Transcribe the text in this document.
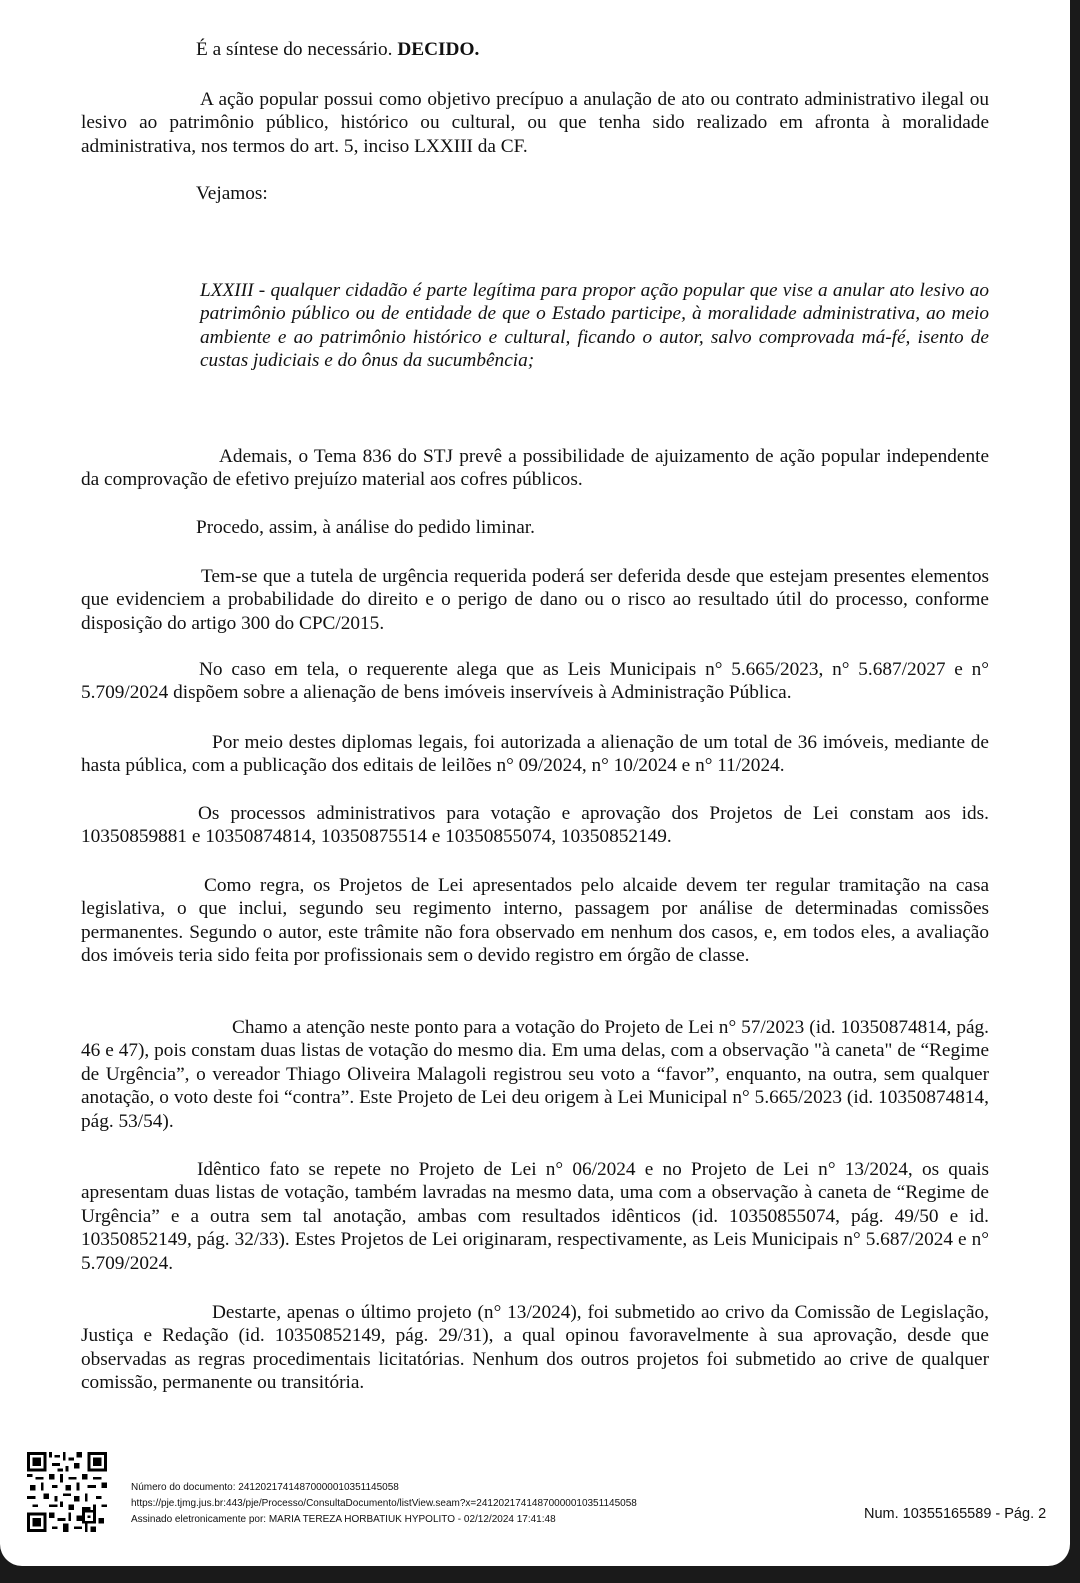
É a síntese do necessário. DECIDO.

A ação popular possui como objetivo precípuo a anulação de ato ou contrato administrativo ilegal ou lesivo ao patrimônio público, histórico ou cultural, ou que tenha sido realizado em afronta à moralidade administrativa, nos termos do art. 5, inciso LXXIII da CF.

Vejamos:

LXXIII - qualquer cidadão é parte legítima para propor ação popular que vise a anular ato lesivo ao patrimônio público ou de entidade de que o Estado participe, à moralidade administrativa, ao meio ambiente e ao patrimônio histórico e cultural, ficando o autor, salvo comprovada má-fé, isento de custas judiciais e do ônus da sucumbência;

Ademais, o Tema 836 do STJ prevê a possibilidade de ajuizamento de ação popular independente da comprovação de efetivo prejuízo material aos cofres públicos.

Procedo, assim, à análise do pedido liminar.

Tem-se que a tutela de urgência requerida poderá ser deferida desde que estejam presentes elementos que evidenciem a probabilidade do direito e o perigo de dano ou o risco ao resultado útil do processo, conforme disposição do artigo 300 do CPC/2015.

No caso em tela, o requerente alega que as Leis Municipais n° 5.665/2023, n° 5.687/2027 e n° 5.709/2024 dispõem sobre a alienação de bens imóveis inservíveis à Administração Pública.

Por meio destes diplomas legais, foi autorizada a alienação de um total de 36 imóveis, mediante de hasta pública, com a publicação dos editais de leilões n° 09/2024, n° 10/2024 e n° 11/2024.

Os processos administrativos para votação e aprovação dos Projetos de Lei constam aos ids. 10350859881 e 10350874814, 10350875514 e 10350855074, 10350852149.

Como regra, os Projetos de Lei apresentados pelo alcaide devem ter regular tramitação na casa legislativa, o que inclui, segundo seu regimento interno, passagem por análise de determinadas comissões permanentes. Segundo o autor, este trâmite não fora observado em nenhum dos casos, e, em todos eles, a avaliação dos imóveis teria sido feita por profissionais sem o devido registro em órgão de classe.

Chamo a atenção neste ponto para a votação do Projeto de Lei n° 57/2023 (id. 10350874814, pág. 46 e 47), pois constam duas listas de votação do mesmo dia. Em uma delas, com a observação "à caneta" de “Regime de Urgência”, o vereador Thiago Oliveira Malagoli registrou seu voto a “favor”, enquanto, na outra, sem qualquer anotação, o voto deste foi “contra”. Este Projeto de Lei deu origem à Lei Municipal n° 5.665/2023 (id. 10350874814, pág. 53/54).

Idêntico fato se repete no Projeto de Lei n° 06/2024 e no Projeto de Lei n° 13/2024, os quais apresentam duas listas de votação, também lavradas na mesmo data, uma com a observação à caneta de “Regime de Urgência” e a outra sem tal anotação, ambas com resultados idênticos (id. 10350855074, pág. 49/50 e id. 10350852149, pág. 32/33). Estes Projetos de Lei originaram, respectivamente, as Leis Municipais n° 5.687/2024 e n° 5.709/2024.

Destarte, apenas o último projeto (n° 13/2024), foi submetido ao crivo da Comissão de Legislação, Justiça e Redação (id. 10350852149, pág. 29/31), a qual opinou favoravelmente à sua aprovação, desde que observadas as regras procedimentais licitatórias. Nenhum dos outros projetos foi submetido ao crive de qualquer comissão, permanente ou transitória.

Número do documento: 24120217414870000010351145058
https://pje.tjmg.jus.br:443/pje/Processo/ConsultaDocumento/listView.seam?x=24120217414870000010351145058
Assinado eletronicamente por: MARIA TEREZA HORBATIUK HYPOLITO - 02/12/2024 17:41:48	Num. 10355165589 - Pág. 2
